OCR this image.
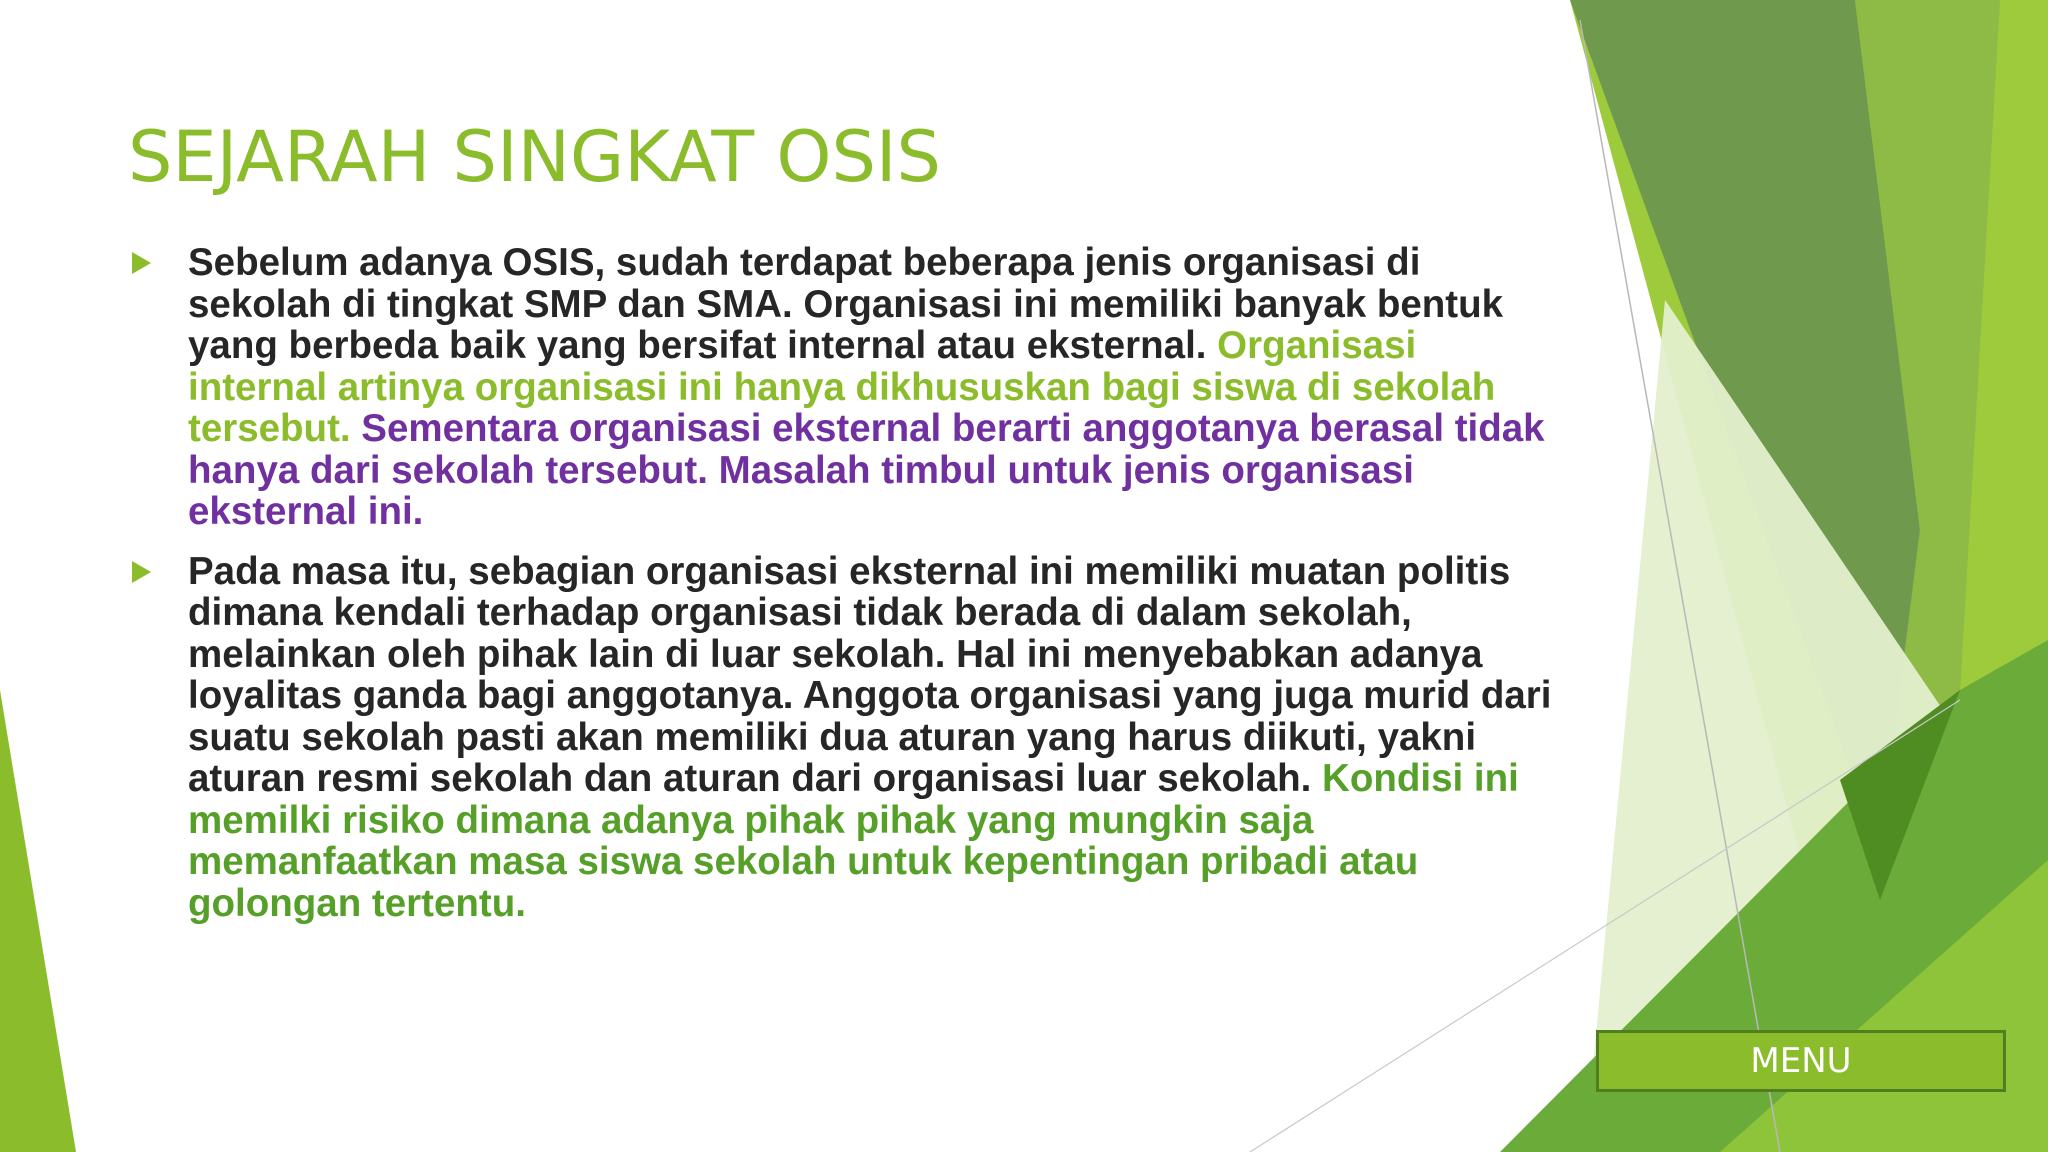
SEJARAH SINGKAT OSIS

Sebelum adanya OSIS, sudah terdapat beberapa jenis organisasi di sekolah di tingkat SMP dan SMA. Organisasi ini memiliki banyak bentuk yang berbeda baik yang bersifat internal atau eksternal. Organisasi internal artinya organisasi ini hanya dikhususkan bagi siswa di sekolah tersebut. Sementara organisasi eksternal berarti anggotanya berasal tidak hanya dari sekolah tersebut. Masalah timbul untuk jenis organisasi eksternal ini.

Pada masa itu, sebagian organisasi eksternal ini memiliki muatan politis dimana kendali terhadap organisasi tidak berada di dalam sekolah, melainkan oleh pihak lain di luar sekolah. Hal ini menyebabkan adanya loyalitas ganda bagi anggotanya. Anggota organisasi yang juga murid dari suatu sekolah pasti akan memiliki dua aturan yang harus diikuti, yakni aturan resmi sekolah dan aturan dari organisasi luar sekolah. Kondisi ini memilki risiko dimana adanya pihak pihak yang mungkin saja memanfaatkan masa siswa sekolah untuk kepentingan pribadi atau golongan tertentu.

MENU
